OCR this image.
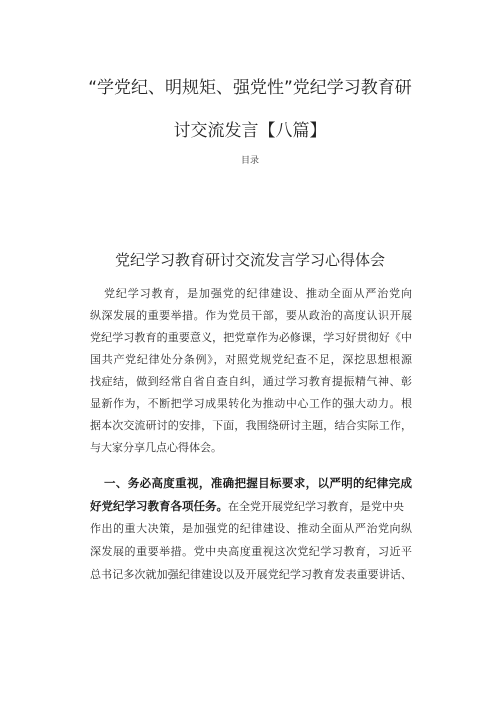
“学党纪、明规矩、强党性”党纪学习教育研
讨交流发言【八篇】
目录
党纪学习教育研讨交流发言学习心得体会
党纪学习教育，是加强党的纪律建设、推动全面从严治党向
纵深发展的重要举措。作为党员干部，要从政治的高度认识开展
党纪学习教育的重要意义，把党章作为必修课，学习好贯彻好《中
国共产党纪律处分条例》，对照党规党纪查不足，深挖思想根源
找症结，做到经常自省自查自纠，通过学习教育提振精气神、彰
显新作为，不断把学习成果转化为推动中心工作的强大动力。根
据本次交流研讨的安排，下面，我围绕研讨主题，结合实际工作，
与大家分享几点心得体会。
一、务必高度重视，准确把握目标要求，以严明的纪律完成
好党纪学习教育各项任务。在全党开展党纪学习教育，是党中央
作出的重大决策，是加强党的纪律建设、推动全面从严治党向纵
深发展的重要举措。党中央高度重视这次党纪学习教育，习近平
总书记多次就加强纪律建设以及开展党纪学习教育发表重要讲话、
